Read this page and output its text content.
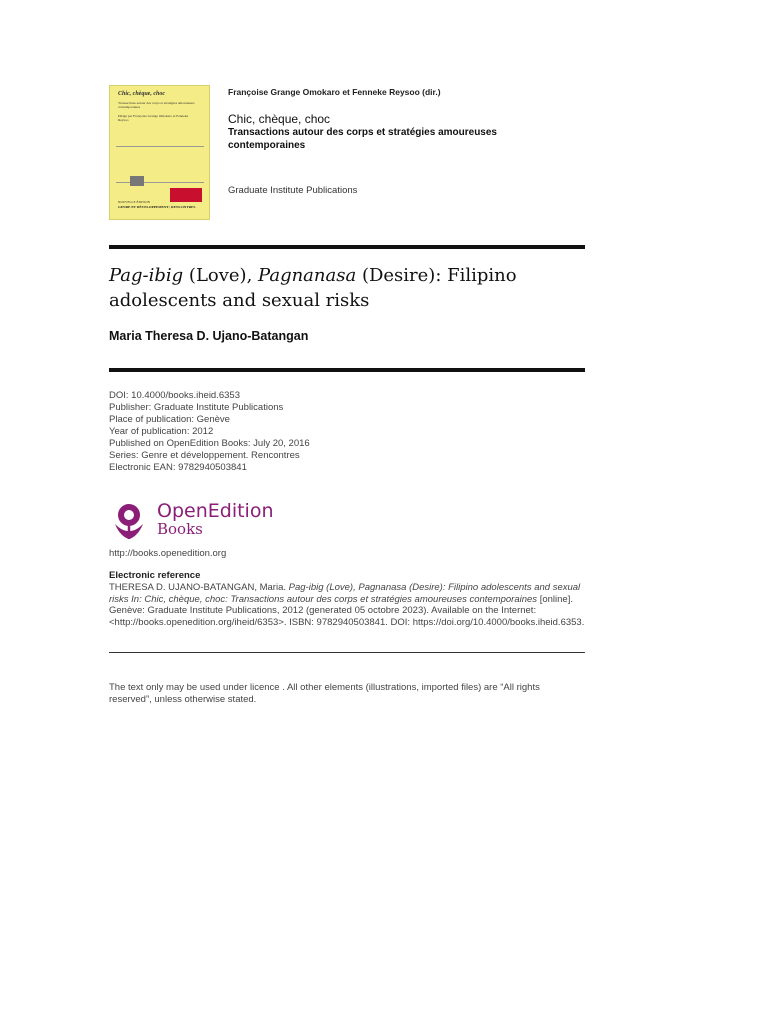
Chic, chèque, choc
Transactions autour des corps et stratégies amoureuses contemporaines
Dirigé par Françoise Grange Omokaro et Fenneke Reysoo
NOUVELLE ÉDITION
GENRE ET DÉVELOPPEMENT | RENCONTRES
Françoise Grange Omokaro et Fenneke Reysoo (dir.)
Chic, chèque, choc
Transactions autour des corps et stratégies amoureuses contemporaines
Graduate Institute Publications
Pag-ibig (Love), Pagnanasa (Desire): Filipino adolescents and sexual risks
Maria Theresa D. Ujano-Batangan
DOI: 10.4000/books.iheid.6353
Publisher: Graduate Institute Publications
Place of publication: Genève
Year of publication: 2012
Published on OpenEdition Books: July 20, 2016
Series: Genre et développement. Rencontres
Electronic EAN: 9782940503841
OpenEdition
Books
http://books.openedition.org
Electronic reference
THERESA D. UJANO-BATANGAN, Maria. Pag-ibig (Love), Pagnanasa (Desire): Filipino adolescents and sexual risks In: Chic, chèque, choc: Transactions autour des corps et stratégies amoureuses contemporaines [online]. Genève: Graduate Institute Publications, 2012 (generated 05 octobre 2023). Available on the Internet: <http://books.openedition.org/iheid/6353>. ISBN: 9782940503841. DOI: https://doi.org/10.4000/books.iheid.6353.
The text only may be used under licence . All other elements (illustrations, imported files) are “All rights reserved”, unless otherwise stated.
